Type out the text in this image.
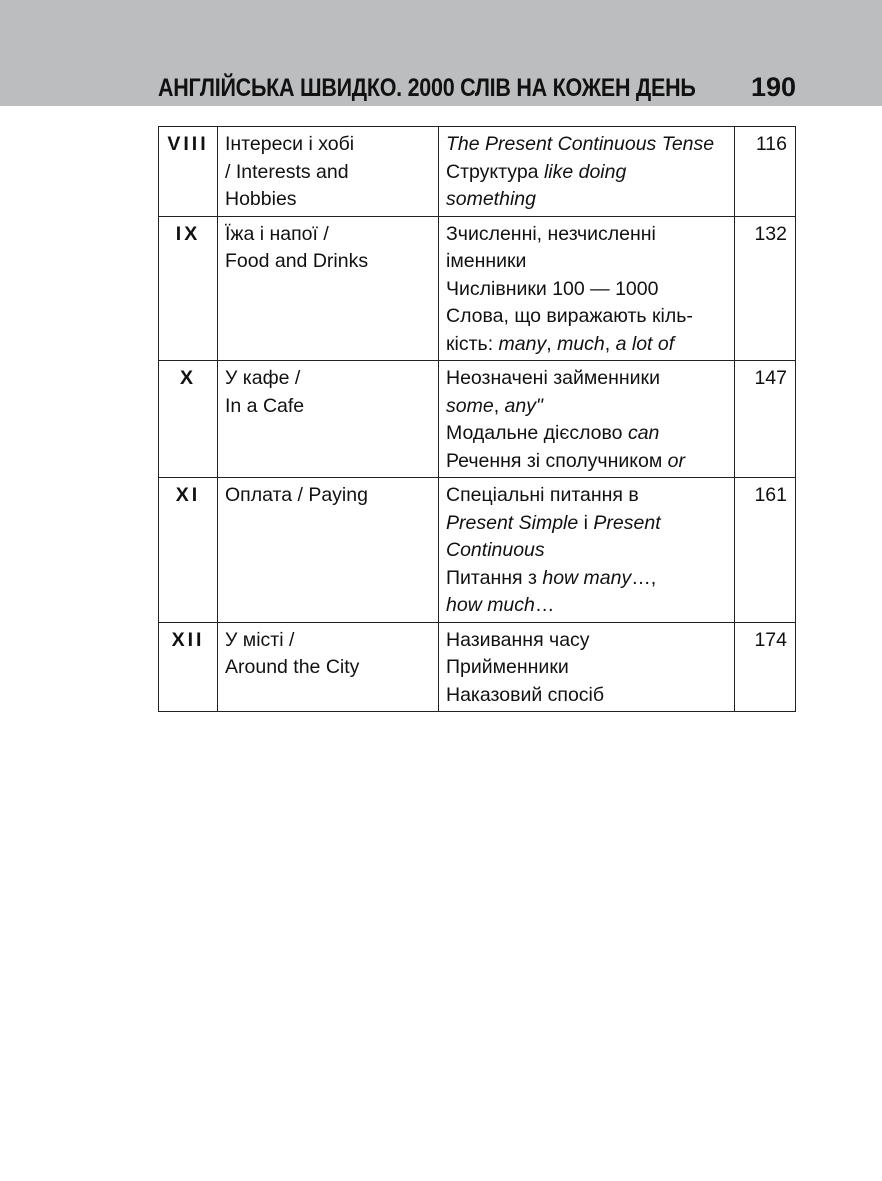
АНГЛІЙСЬКА ШВИДКО. 2000 СЛІВ НА КОЖЕН ДЕНЬ 190
VIII	Інтереси і хобі
/ Interests and
Hobbies	The Present Continuous Tense
Структура like doing
something	116
IX	Їжа і напої /
Food and Drinks	Зчисленні, незчисленні
іменники
Числівники 100 — 1000
Слова, що виражають кіль-
кість: many, much, a lot of	132
X	У кафе /
In a Cafe	Неозначені займенники
some, any"
Модальне дієслово can
Речення зі сполучником or	147
XI	Оплата / Paying	Спеціальні питання в
Present Simple і Present
Continuous
Питання з how many…,
how much…	161
XII	У місті /
Around the City	Називання часу
Прийменники
Наказовий спосіб	174
